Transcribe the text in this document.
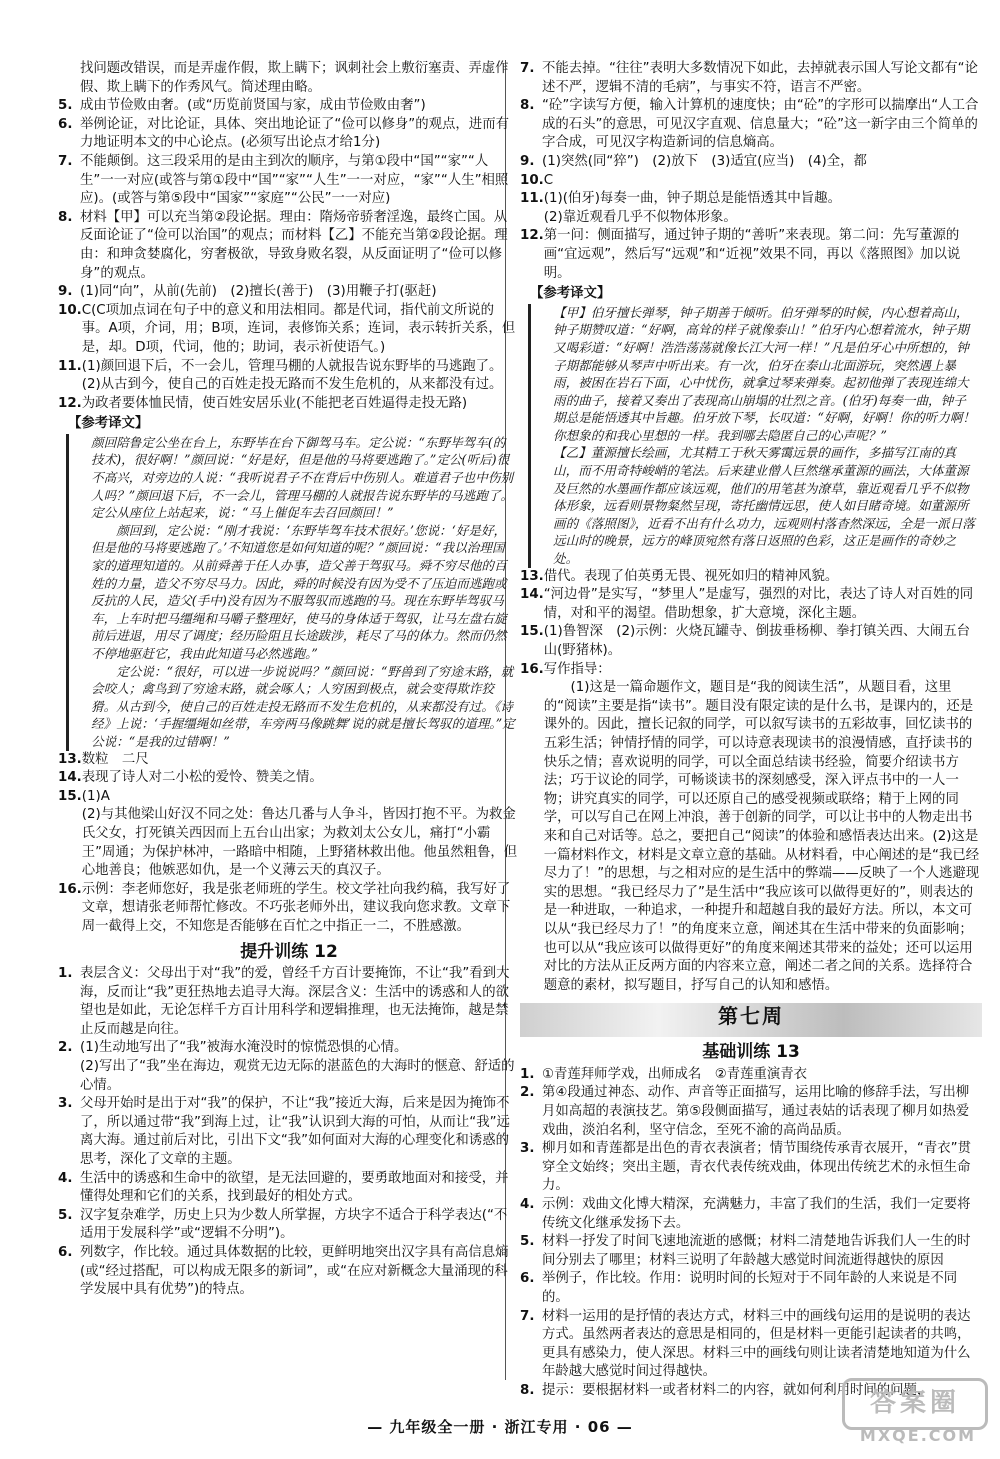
找问题改错误，而是弄虚作假，欺上瞒下；讽刺社会上敷衍塞责、弄虚作假、欺上瞒下的作秀风气。简述理由略。
5. 成由节俭败由奢。(或“历览前贤国与家，成由节俭败由奢”)
6. 举例论证，对比论证，具体、突出地论证了“俭可以修身”的观点，进而有力地证明本文的中心论点。(必须写出论点才给1分)
7. 不能颠倒。这三段采用的是由主到次的顺序，与第①段中“国”“家”“人生”一一对应(或答与第①段中“国”“家”“人生”一一对应，“家”“人生”相照应)。(或答与第⑤段中“国家”“家庭”“公民”一一对应)
8. 材料【甲】可以充当第②段论据。理由：隋炀帝骄奢淫逸，最终亡国。从反面论证了“俭可以治国”的观点；而材料【乙】不能充当第②段论据。理由：和珅贪婪腐化，穷奢极欲，导致身败名裂，从反面证明了“俭可以修身”的观点。
9. (1)同“向”，从前(先前)　(2)擅长(善于)　(3)用鞭子打(驱赶)
10. C(C项加点词在句子中的意义和用法相同。都是代词，指代前文所说的事。A项，介词，用；B项，连词，表修饰关系；连词，表示转折关系，但是，却。D项，代词，他的；助词，表示祈使语气。)
11. (1)颜回退下后，不一会儿，管理马棚的人就报告说东野毕的马逃跑了。
(2)从古到今，使自己的百姓走投无路而不发生危机的，从来都没有过。
12. 为政者要体恤民情，使百姓安居乐业(不能把老百姓逼得走投无路)
【参考译文】
颜回陪鲁定公坐在台上，东野毕在台下御驾马车。定公说：“东野毕驾车(的技术)，很好啊！”颜回说：“好是好，但是他的马将要逃跑了。”定公(听后)很不高兴，对旁边的人说：“我听说君子不在背后中伤别人。难道君子也中伤别人吗？”颜回退下后，不一会儿，管理马棚的人就报告说东野毕的马逃跑了。定公从座位上站起来，说：“马上催促车去召回颜回！”
　　颜回到，定公说：“刚才我说：‘东野毕驾车技术很好。’您说：‘好是好，但是他的马将要逃跑了。’不知道您是如何知道的呢？”颜回说：“我以治理国家的道理知道的。从前舜善于任人办事，造父善于驾驭马。舜不穷尽他的百姓的力量，造父不穷尽马力。因此，舜的时候没有因为受不了压迫而逃跑或反抗的人民，造父(手中)没有因为不服驾驭而逃跑的马。现在东野毕驾驭马车，上车时把马缰绳和马嚼子整理好，使马的身体适于驾驭，让马左盘右旋前后进退，用尽了调度；经历险阻且长途跋涉，耗尽了马的体力。然而仍然不停地驱赶它，我由此知道马必然逃跑。”
　　定公说：“很好，可以进一步说说吗？”颜回说：“野兽到了穷途末路，就会咬人；禽鸟到了穷途末路，就会啄人；人穷困到极点，就会变得欺诈狡猾。从古到今，使自己的百姓走投无路而不发生危机的，从来都没有过。《诗经》上说：‘手握缰绳如丝带，车旁两马像跳舞’说的就是擅长驾驭的道理。”定公说：“是我的过错啊！”
13. 数粒　二尺
14. 表现了诗人对二小松的爱怜、赞美之情。
15. (1)A
(2)与其他梁山好汉不同之处：鲁达几番与人争斗，皆因打抱不平。为救金氏父女，打死镇关西因而上五台山出家；为救刘太公女儿，痛打“小霸王”周通；为保护林冲，一路暗中相随，上野猪林救出他。他虽然粗鲁，但心地善良；他嫉恶如仇，是一个义薄云天的真汉子。
16. 示例：李老师您好，我是张老师班的学生。校文学社向我约稿，我写好了文章，想请张老师帮忙修改。不巧张老师外出，建议我向您求教。文章下周一截得上交，不知您是否能够在百忙之中指正一二，不胜感激。
提升训练 12
1. 表层含义：父母出于对“我”的爱，曾经千方百计要掩饰，不让“我”看到大海，反而让“我”更狂热地去追寻大海。深层含义：生活中的诱惑和人的欲望也是如此，无论怎样千方百计用科学和逻辑推理，也无法掩饰，越是禁止反而越是向往。
2. (1)生动地写出了“我”被海水淹没时的惊慌恐惧的心情。
(2)写出了“我”坐在海边，观赏无边无际的湛蓝色的大海时的惬意、舒适的心情。
3. 父母开始时是出于对“我”的保护，不让“我”接近大海，后来是因为掩饰不了，所以通过带“我”到海上过，让“我”认识到大海的可怕，从而让“我”远离大海。通过前后对比，引出下文“我”如何面对大海的心理变化和诱惑的思考，深化了文章的主题。
4. 生活中的诱惑和生命中的欲望，是无法回避的，要勇敢地面对和接受，并懂得处理和它们的关系，找到最好的相处方式。
5. 汉字复杂难学，历史上只为少数人所掌握，方块字不适合于科学表达(“不适用于发展科学”或“逻辑不分明”)。
6. 列数字，作比较。通过具体数据的比较，更鲜明地突出汉字具有高信息熵(或“经过搭配，可以构成无限多的新词”，或“在应对新概念大量涌现的科学发展中具有优势”)的特点。
7. 不能去掉。“往往”表明大多数情况下如此，去掉就表示国人写论文都有“论述不严，逻辑不清的毛病”，与事实不符，语言不严密。
8. “砼”字读写方便，输入计算机的速度快；由“砼”的字形可以揣摩出“人工合成的石头”的意思，可见汉字直观、信息量大；“砼”这一新字由三个简单的字合成，可见汉字构造新词的信息熵高。
9. (1)突然(同“猝”)　(2)放下　(3)适宜(应当)　(4)全，都
10. C
11. (1)(伯牙)每奏一曲，钟子期总是能悟透其中旨趣。
(2)靠近观看几乎不似物体形象。
12. 第一问：侧面描写，通过钟子期的“善听”来表现。第二问：先写董源的画“宜远观”，然后写“远观”和“近视”效果不同，再以《落照图》加以说明。
【参考译文】
【甲】伯牙擅长弹琴，钟子期善于倾听。伯牙弹琴的时候，内心想着高山，钟子期赞叹道：“好啊，高耸的样子就像泰山！”伯牙内心想着流水，钟子期又喝彩道：“好啊！浩浩荡荡就像长江大河一样！”凡是伯牙心中所想的，钟子期都能够从琴声中听出来。有一次，伯牙在泰山北面游玩，突然遇上暴雨，被困在岩石下面，心中忧伤，就拿过琴来弹奏。起初他弹了表现连绵大雨的曲子，接着又奏出了表现高山崩塌的壮烈之音。(伯牙)每奏一曲，钟子期总是能悟透其中旨趣。伯牙放下琴，长叹道：“好啊，好啊！你的听力啊！你想象的和我心里想的一样。我到哪去隐匿自己的心声呢？”
【乙】董源擅长绘画，尤其精工于秋天雾霭远景的画作，多描写江南的真山，而不用奇特峻峭的笔法。后来建业僧人巨然继承董源的画法，大体董源及巨然的水墨画作都应该远观，他们的用笔甚为潦草，靠近观看几乎不似物体形象，远看则景物粲然呈现，寄托幽情远思，使人如目睹奇境。如董源所画的《落照图》，近看不出有什么功力，远观则村落杳然深远，全是一派日落远山时的晚景，远方的峰顶宛然有落日返照的色彩，这正是画作的奇妙之处。
13. 借代。表现了伯英勇无畏、视死如归的精神风貌。
14. “河边骨”是实写，“梦里人”是虚写，强烈的对比，表达了诗人对百姓的同情，对和平的渴望。借助想象，扩大意境，深化主题。
15. (1)鲁智深　(2)示例：火烧瓦罐寺、倒拔垂杨柳、拳打镇关西、大闹五台山(野猪林)。
16. 写作指导：
　　(1)这是一篇命题作文，题目是“我的阅读生活”，从题目看，这里的“阅读”主要是指“读书”。题目没有限定读的是什么书，是课内的，还是课外的。因此，擅长记叙的同学，可以叙写读书的五彩故事，回忆读书的五彩生活；钟情抒情的同学，可以诗意表现读书的浪漫情感，直抒读书的快乐之情；喜欢说明的同学，可以全面总结读书经验，简要介绍读书方法；巧于议论的同学，可畅谈读书的深刻感受，深入评点书中的一人一物；讲究真实的同学，可以还原自己的感受视频或联络；精于上网的同学，可以写自己在网上冲浪，善于创新的同学，可以让书中的人物走出书来和自己对话等。总之，要把自己“阅读”的体验和感悟表达出来。(2)这是一篇材料作文，材料是文章立意的基础。从材料看，中心阐述的是“我已经尽力了！”的思想，与之相对应的是生活中的弊端——反映了一个人逃避现实的思想。“我已经尽力了”是生活中“我应该可以做得更好的”，则表达的是一种进取，一种追求，一种提升和超越自我的最好方法。所以，本文可以从“我已经尽力了！”的角度来立意，阐述其在生活中带来的负面影响；也可以从“我应该可以做得更好”的角度来阐述其带来的益处；还可以运用对比的方法从正反两方面的内容来立意，阐述二者之间的关系。选择符合题意的素材，拟写题目，抒写自己的认知和感悟。
第七周
基础训练 13
1. ①青莲拜师学戏，出师成名　②青莲重演青衣
2. 第④段通过神态、动作、声音等正面描写，运用比喻的修辞手法，写出柳月如高超的表演技艺。第⑤段侧面描写，通过表姑的话表现了柳月如热爱戏曲，淡泊名利，坚守信念，至死不渝的高尚品质。
3. 柳月如和青莲都是出色的青衣表演者；情节围绕传承青衣展开，“青衣”贯穿全文始终；突出主题，青衣代表传统戏曲，体现出传统艺术的永恒生命力。
4. 示例：戏曲文化博大精深，充满魅力，丰富了我们的生活，我们一定要将传统文化继承发扬下去。
5. 材料一抒发了时间飞速地流逝的感慨；材料二清楚地告诉我们人一生的时间分别去了哪里；材料三说明了年龄越大感觉时间流逝得越快的原因
6. 举例子，作比较。作用：说明时间的长短对于不同年龄的人来说是不同的。
7. 材料一运用的是抒情的表达方式，材料三中的画线句运用的是说明的表达方式。虽然两者表达的意思是相同的，但是材料一更能引起读者的共鸣，更具有感染力，使人深思。材料三中的画线句则让读者清楚地知道为什么年龄越大感觉时间过得越快。
8. 提示：要根据材料一或者材料二的内容，就如何利用时间的问题，
— 九年级全一册 · 浙江专用 · 06 —
答案圈
MXQE.COM
